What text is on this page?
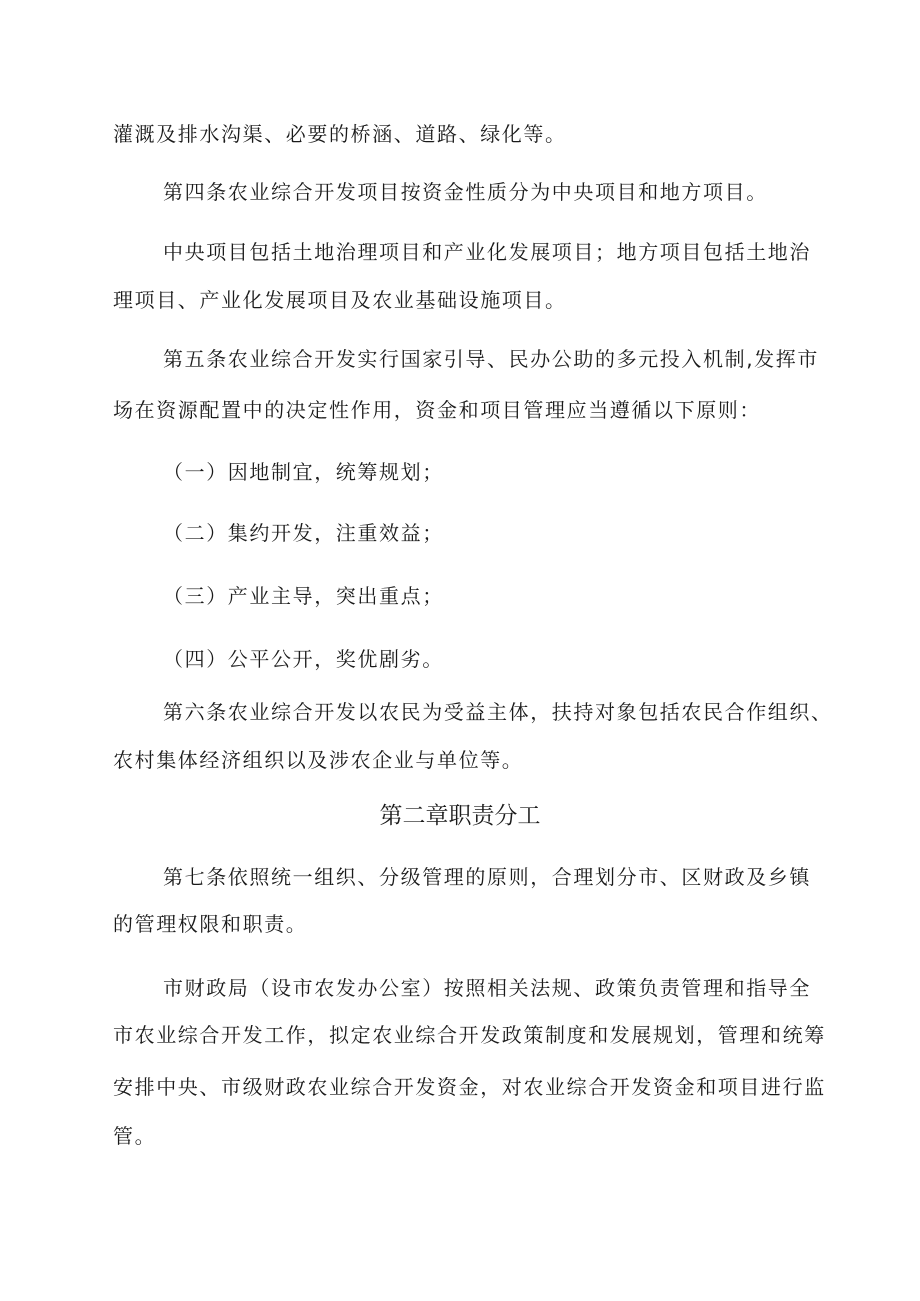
灌溉及排水沟渠、必要的桥涵、道路、绿化等。
第四条农业综合开发项目按资金性质分为中央项目和地方项目。
中央项目包括土地治理项目和产业化发展项目；地方项目包括土地治
理项目、产业化发展项目及农业基础设施项目。
第五条农业综合开发实行国家引导、民办公助的多元投入机制,发挥市
场在资源配置中的决定性作用，资金和项目管理应当遵循以下原则：
（一）因地制宜，统筹规划；
（二）集约开发，注重效益；
（三）产业主导，突出重点；
（四）公平公开，奖优剧劣。
第六条农业综合开发以农民为受益主体，扶持对象包括农民合作组织、
农村集体经济组织以及涉农企业与单位等。
第二章职责分工
第七条依照统一组织、分级管理的原则，合理划分市、区财政及乡镇
的管理权限和职责。
市财政局（设市农发办公室）按照相关法规、政策负责管理和指导全
市农业综合开发工作，拟定农业综合开发政策制度和发展规划，管理和统筹
安排中央、市级财政农业综合开发资金，对农业综合开发资金和项目进行监
管。
